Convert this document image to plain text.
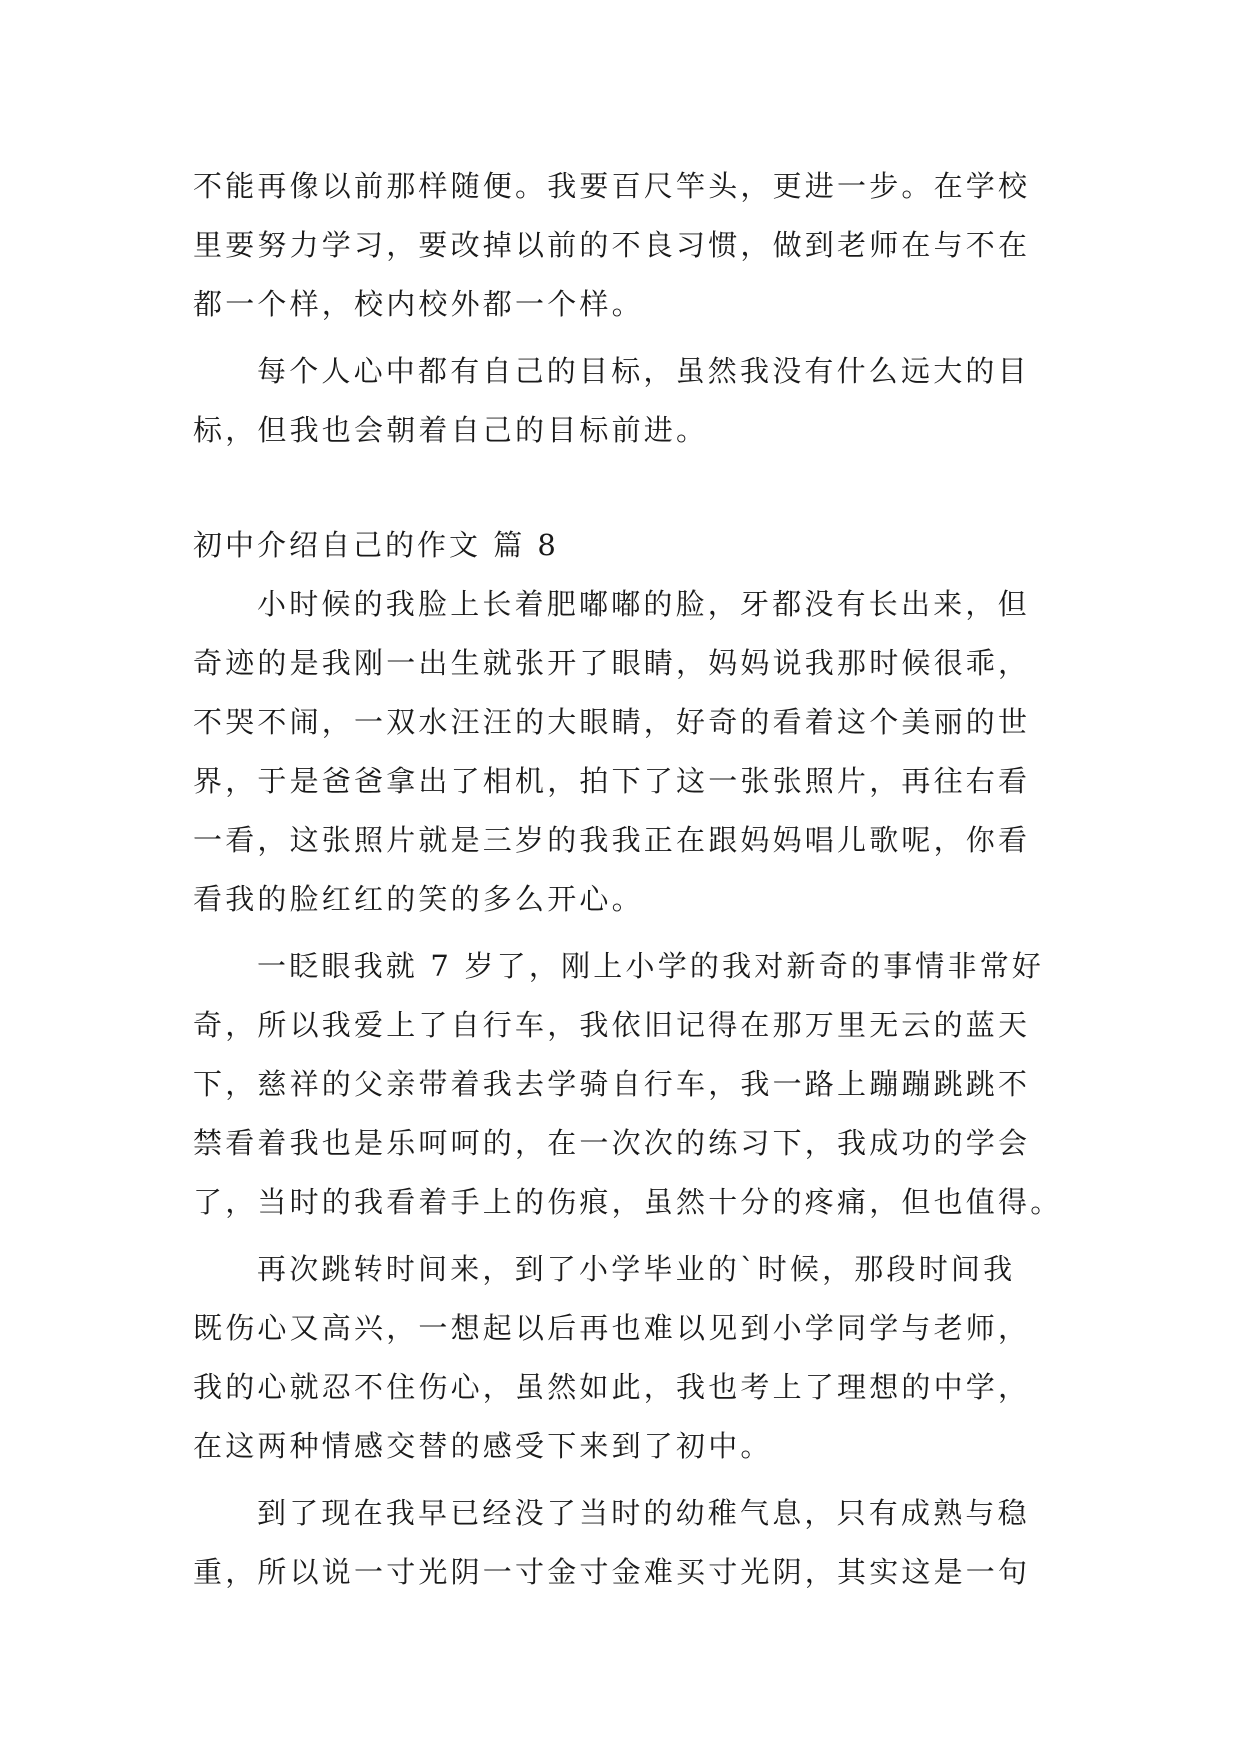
不能再像以前那样随便。我要百尺竿头，更进一步。在学校
里要努力学习，要改掉以前的不良习惯，做到老师在与不在
都一个样，校内校外都一个样。
每个人心中都有自己的目标，虽然我没有什么远大的目
标，但我也会朝着自己的目标前进。
初中介绍自己的作文 篇 8
小时候的我脸上长着肥嘟嘟的脸，牙都没有长出来，但
奇迹的是我刚一出生就张开了眼睛，妈妈说我那时候很乖，
不哭不闹，一双水汪汪的大眼睛，好奇的看着这个美丽的世
界，于是爸爸拿出了相机，拍下了这一张张照片，再往右看
一看，这张照片就是三岁的我我正在跟妈妈唱儿歌呢，你看
看我的脸红红的笑的多么开心。
一眨眼我就 7 岁了，刚上小学的我对新奇的事情非常好
奇，所以我爱上了自行车，我依旧记得在那万里无云的蓝天
下，慈祥的父亲带着我去学骑自行车，我一路上蹦蹦跳跳不
禁看着我也是乐呵呵的，在一次次的练习下，我成功的学会
了，当时的我看着手上的伤痕，虽然十分的疼痛，但也值得。
再次跳转时间来，到了小学毕业的`时候，那段时间我
既伤心又高兴，一想起以后再也难以见到小学同学与老师，
我的心就忍不住伤心，虽然如此，我也考上了理想的中学，
在这两种情感交替的感受下来到了初中。
到了现在我早已经没了当时的幼稚气息，只有成熟与稳
重，所以说一寸光阴一寸金寸金难买寸光阴，其实这是一句
